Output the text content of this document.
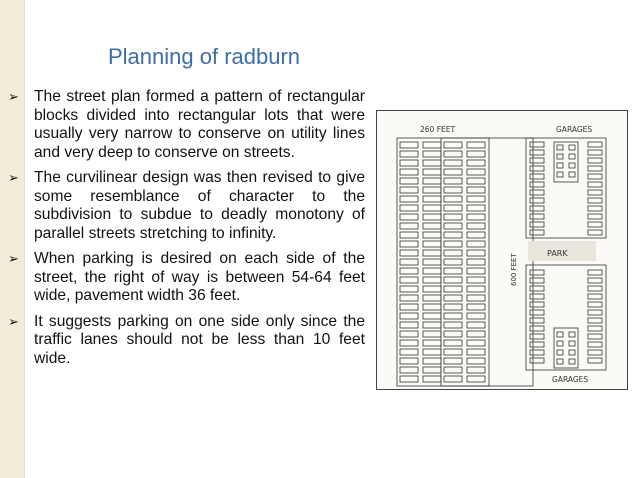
Planning of radburn
➢ The street plan formed a pattern of rectangular blocks divided into rectangular lots that were usually very narrow to conserve on utility lines and very deep to conserve on streets.
➢ The curvilinear design was then revised to give some resemblance of character to the subdivision to subdue to deadly monotony of parallel streets stretching to infinity.
➢ When parking is desired on each side of the street, the right of way is between 54-64 feet wide, pavement width 36 feet.
➢ It suggests parking on one side only since the traffic lanes should not be less than 10 feet wide.
260 FEET	GARAGES
600 FEET	PARK
GARAGES
